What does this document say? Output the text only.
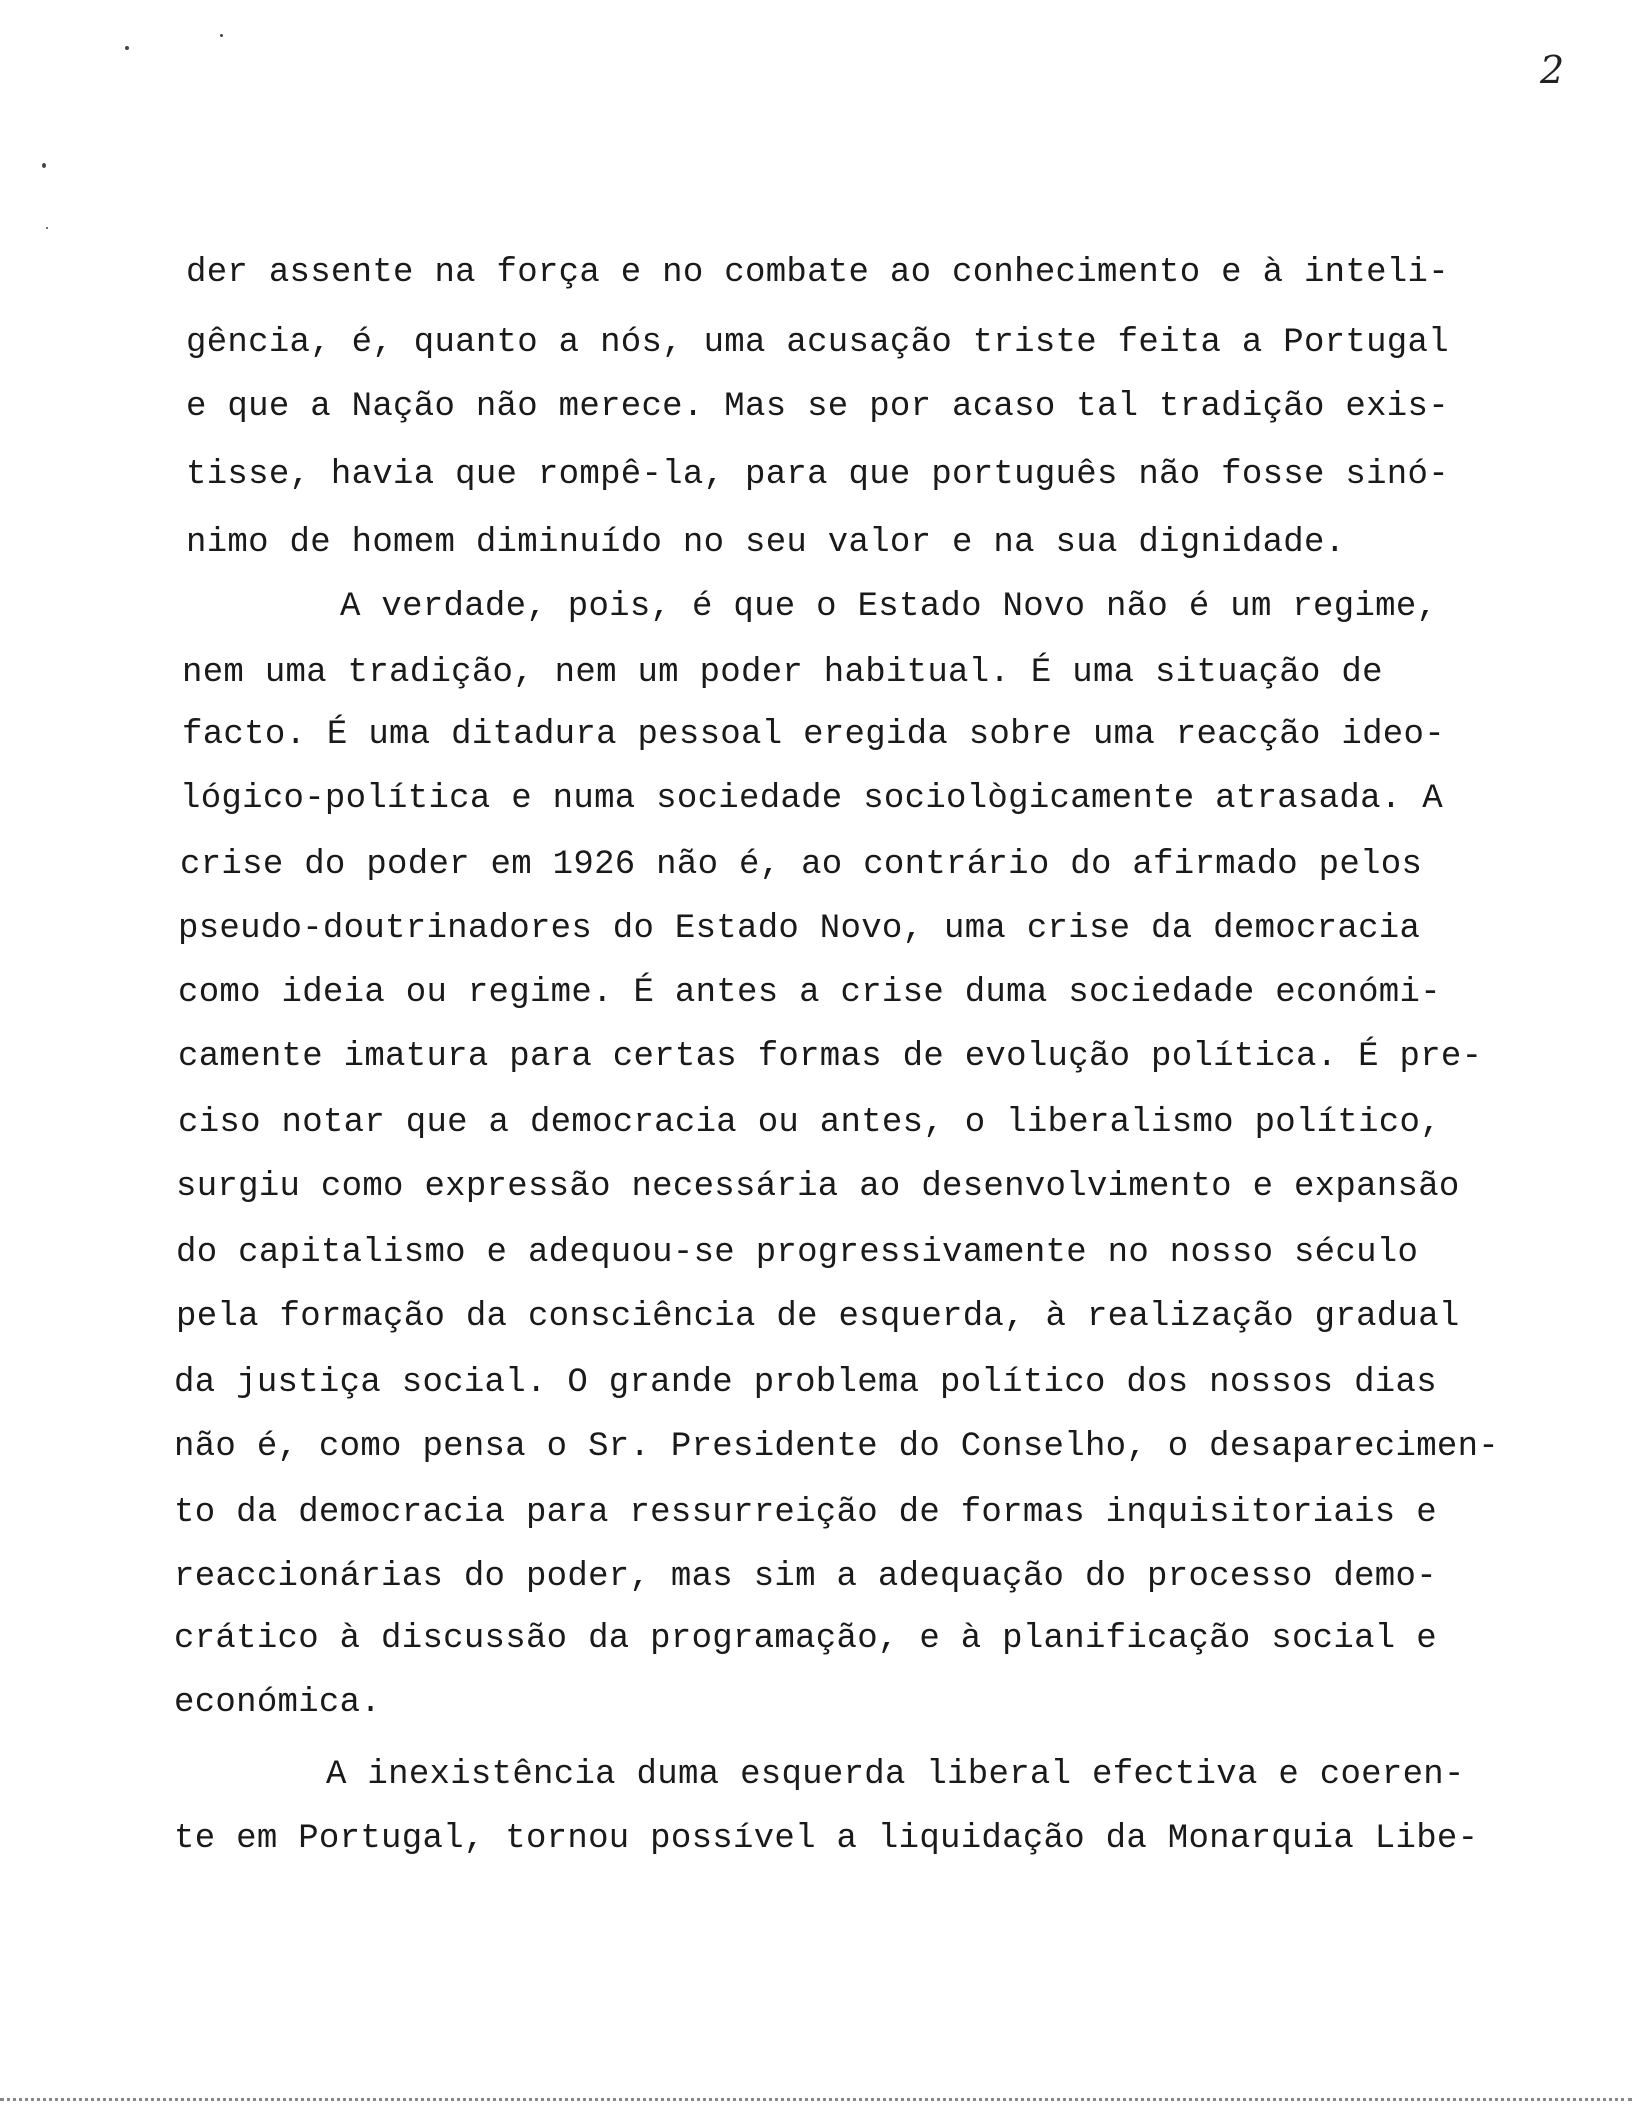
2
der assente na força e no combate ao conhecimento e à inteli-
gência, é, quanto a nós, uma acusação triste feita a Portugal
e que a Nação não merece. Mas se por acaso tal tradição exis-
tisse, havia que rompê-la, para que português não fosse sinó-
nimo de homem diminuído no seu valor e na sua dignidade.
A verdade, pois, é que o Estado Novo não é um regime,
nem uma tradição, nem um poder habitual. É uma situação de
facto. É uma ditadura pessoal eregida sobre uma reacção ideo-
lógico-política e numa sociedade sociològicamente atrasada. A
crise do poder em 1926 não é, ao contrário do afirmado pelos
pseudo-doutrinadores do Estado Novo, uma crise da democracia
como ideia ou regime. É antes a crise duma sociedade económi-
camente imatura para certas formas de evolução política. É pre-
ciso notar que a democracia ou antes, o liberalismo político,
surgiu como expressão necessária ao desenvolvimento e expansão
do capitalismo e adequou-se progressivamente no nosso século
pela formação da consciência de esquerda, à realização gradual
da justiça social. O grande problema político dos nossos dias
não é, como pensa o Sr. Presidente do Conselho, o desaparecimen-
to da democracia para ressurreição de formas inquisitoriais e
reaccionárias do poder, mas sim a adequação do processo demo-
crático à discussão da programação, e à planificação social e
económica.
A inexistência duma esquerda liberal efectiva e coeren-
te em Portugal, tornou possível a liquidação da Monarquia Libe-
